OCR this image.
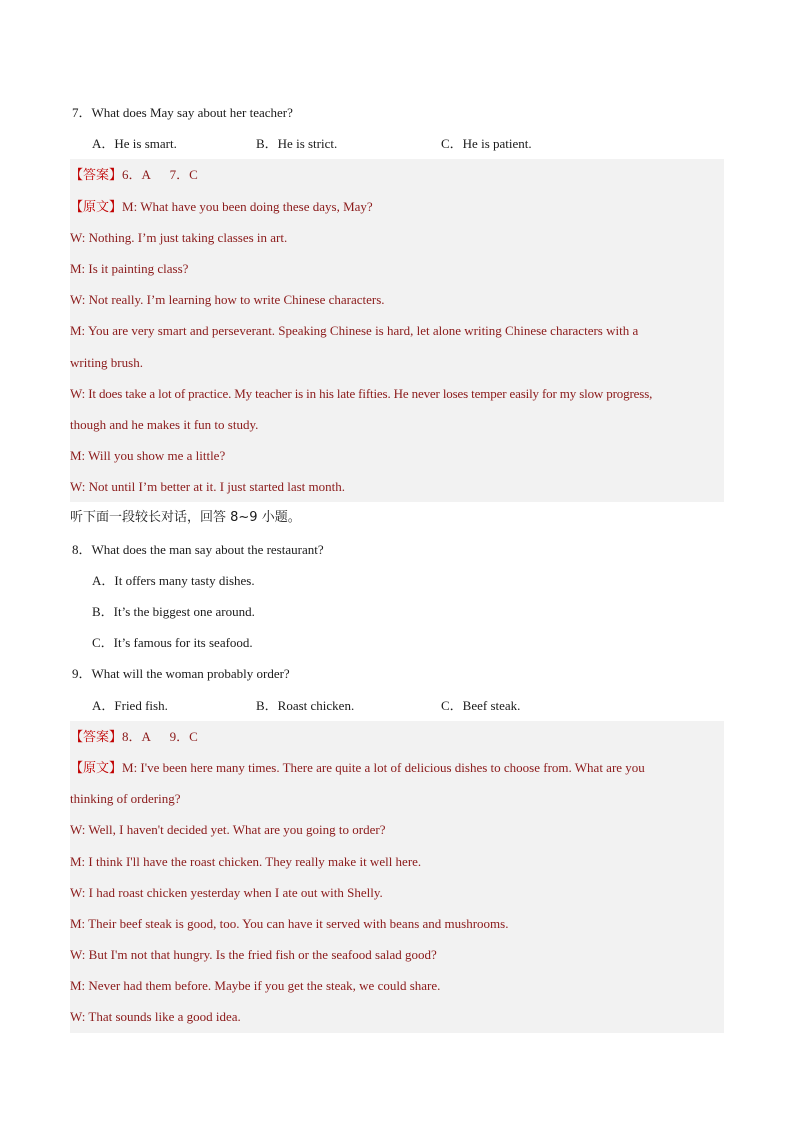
7．What does May say about her teacher?
A．He is smart.	B．He is strict.	C．He is patient.
【答案】6．A      7．C
【原文】M: What have you been doing these days, May?
W: Nothing. I’m just taking classes in art.
M: Is it painting class?
W: Not really. I’m learning how to write Chinese characters.
M: You are very smart and perseverant. Speaking Chinese is hard, let alone writing Chinese characters with a
writing brush.
W: It does take a lot of practice. My teacher is in his late fifties. He never loses temper easily for my slow progress,
though and he makes it fun to study.
M: Will you show me a little?
W: Not until I’m better at it. I just started last month.
听下面一段较长对话，回答 8~9 小题。
8．What does the man say about the restaurant?
A．It offers many tasty dishes.
B．It’s the biggest one around.
C．It’s famous for its seafood.
9．What will the woman probably order?
A．Fried fish.	B．Roast chicken.	C．Beef steak.
【答案】8．A      9．C
【原文】M: I've been here many times. There are quite a lot of delicious dishes to choose from. What are you
thinking of ordering?
W: Well, I haven't decided yet. What are you going to order?
M: I think I'll have the roast chicken. They really make it well here.
W: I had roast chicken yesterday when I ate out with Shelly.
M: Their beef steak is good, too. You can have it served with beans and mushrooms.
W: But I'm not that hungry. Is the fried fish or the seafood salad good?
M: Never had them before. Maybe if you get the steak, we could share.
W: That sounds like a good idea.
